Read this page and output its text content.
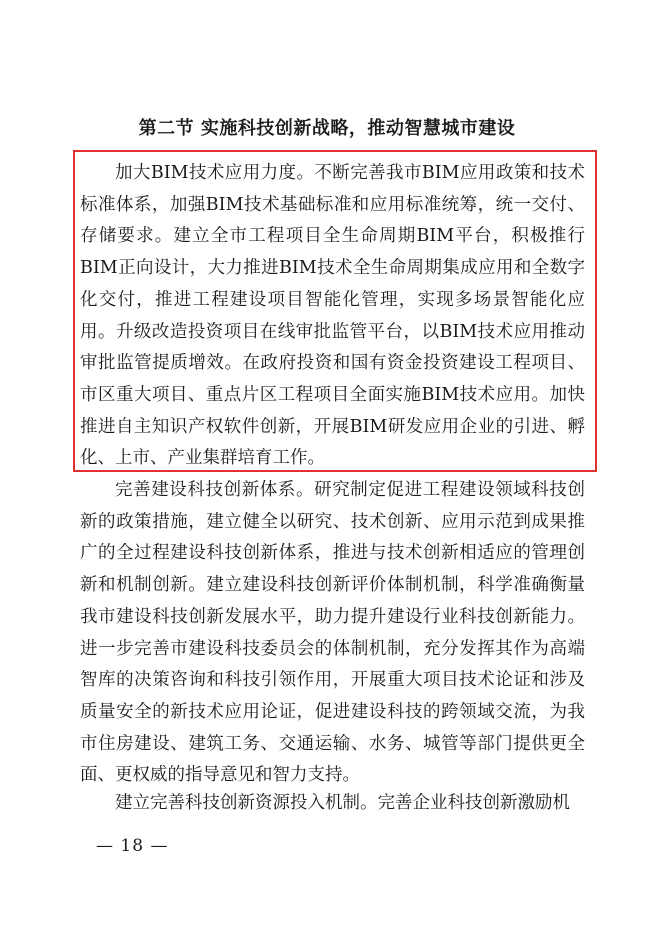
第二节 实施科技创新战略，推动智慧城市建设

加大BIM技术应用力度。不断完善我市BIM应用政策和技术标准体系，加强BIM技术基础标准和应用标准统筹，统一交付、存储要求。建立全市工程项目全生命周期BIM平台，积极推行BIM正向设计，大力推进BIM技术全生命周期集成应用和全数字化交付，推进工程建设项目智能化管理，实现多场景智能化应用。升级改造投资项目在线审批监管平台，以BIM技术应用推动审批监管提质增效。在政府投资和国有资金投资建设工程项目、市区重大项目、重点片区工程项目全面实施BIM技术应用。加快推进自主知识产权软件创新，开展BIM研发应用企业的引进、孵化、上市、产业集群培育工作。

完善建设科技创新体系。研究制定促进工程建设领域科技创新的政策措施，建立健全以研究、技术创新、应用示范到成果推广的全过程建设科技创新体系，推进与技术创新相适应的管理创新和机制创新。建立建设科技创新评价体制机制，科学准确衡量我市建设科技创新发展水平，助力提升建设行业科技创新能力。进一步完善市建设科技委员会的体制机制，充分发挥其作为高端智库的决策咨询和科技引领作用，开展重大项目技术论证和涉及质量安全的新技术应用论证，促进建设科技的跨领域交流，为我市住房建设、建筑工务、交通运输、水务、城管等部门提供更全面、更权威的指导意见和智力支持。

建立完善科技创新资源投入机制。完善企业科技创新激励机

— 18 —
